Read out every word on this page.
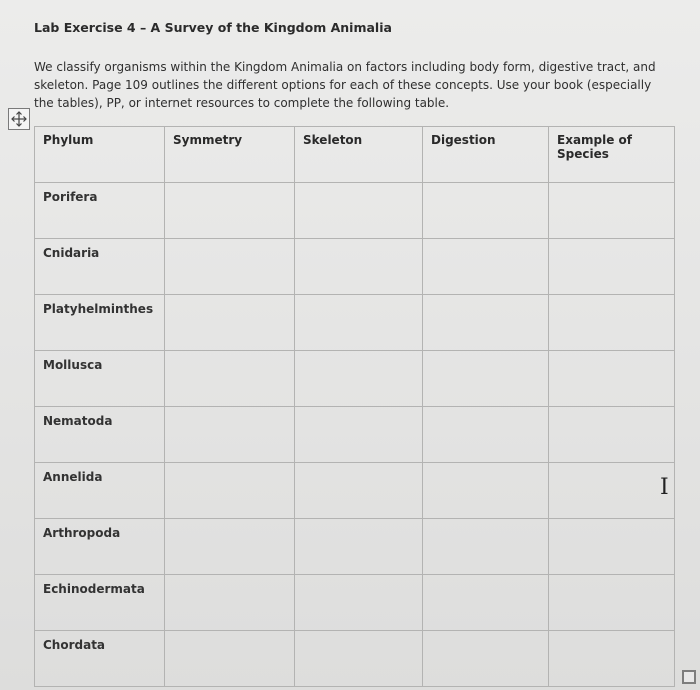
Lab Exercise 4 – A Survey of the Kingdom Animalia

We classify organisms within the Kingdom Animalia on factors including body form, digestive tract, and skeleton. Page 109 outlines the different options for each of these concepts. Use your book (especially the tables), PP, or internet resources to complete the following table.

Phylum	Symmetry	Skeleton	Digestion	Example of Species
Porifera				
Cnidaria				
Platyhelminthes				
Mollusca				
Nematoda				
Annelida				
Arthropoda				
Echinodermata				
Chordata				
I
